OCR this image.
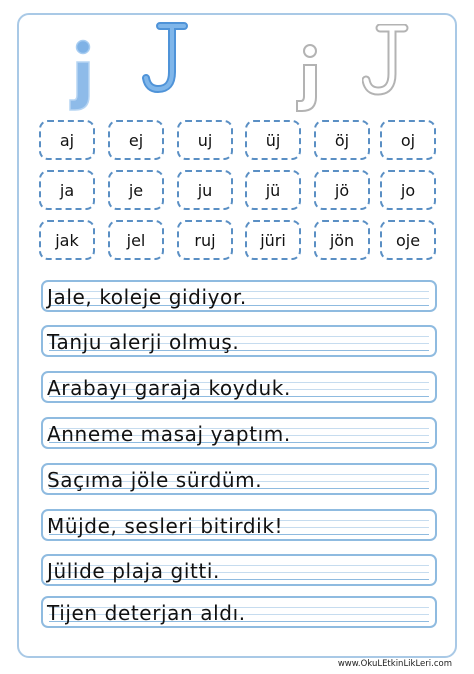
aj	ej	uj	üj	öj	oj
ja	je	ju	jü	jö	jo
jak	jel	ruj	jüri	jön	oje
Jale, koleje gidiyor.
Tanju alerji olmuş.
Arabayı garaja koyduk.
Anneme masaj yaptım.
Saçıma jöle sürdüm.
Müjde, sesleri bitirdik!
Jülide plaja gitti.
Tijen deterjan aldı.
www.OkuLEtkinLikLeri.com
